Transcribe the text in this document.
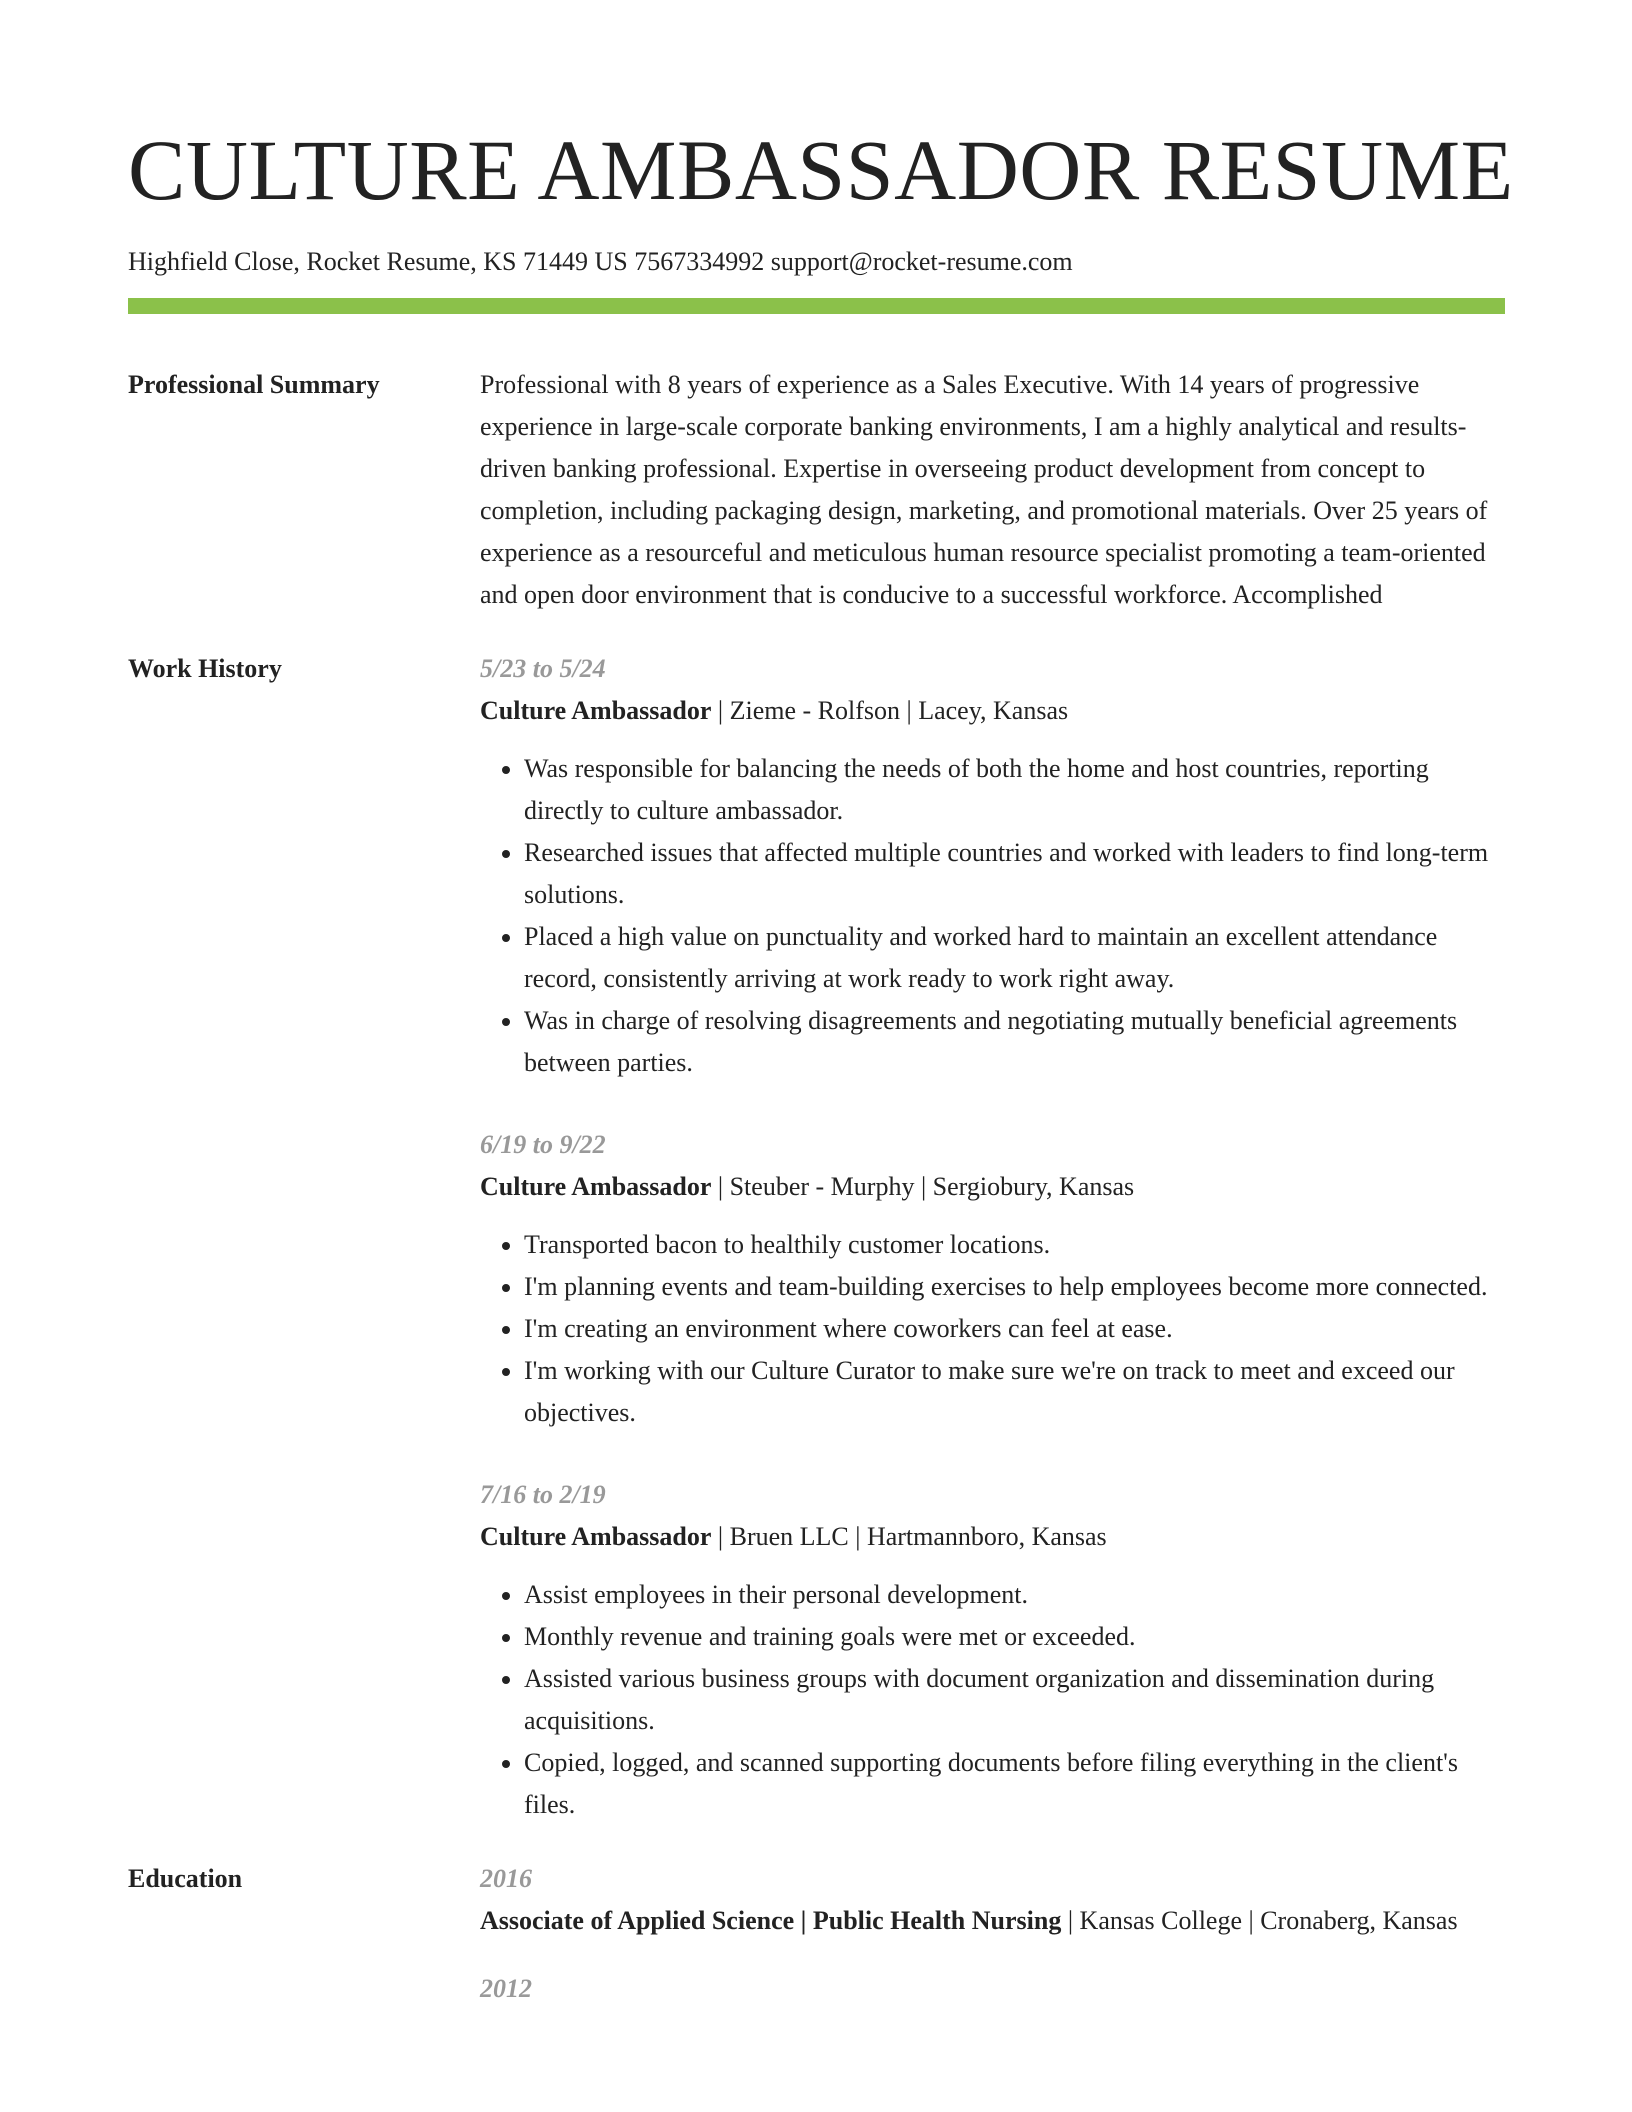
CULTURE AMBASSADOR RESUME
Highfield Close, Rocket Resume, KS 71449 US 7567334992 support@rocket-resume.com
Professional Summary	Professional with 8 years of experience as a Sales Executive. With 14 years of progressive experience in large-scale corporate banking environments, I am a highly analytical and results-driven banking professional. Expertise in overseeing product development from concept to completion, including packaging design, marketing, and promotional materials. Over 25 years of experience as a resourceful and meticulous human resource specialist promoting a team-oriented and open door environment that is conducive to a successful workforce. Accomplished
Work History	5/23 to 5/24
Culture Ambassador | Zieme - Rolfson | Lacey, Kansas
• Was responsible for balancing the needs of both the home and host countries, reporting directly to culture ambassador.
• Researched issues that affected multiple countries and worked with leaders to find long-term solutions.
• Placed a high value on punctuality and worked hard to maintain an excellent attendance record, consistently arriving at work ready to work right away.
• Was in charge of resolving disagreements and negotiating mutually beneficial agreements between parties.
6/19 to 9/22
Culture Ambassador | Steuber - Murphy | Sergiobury, Kansas
• Transported bacon to healthily customer locations.
• I'm planning events and team-building exercises to help employees become more connected.
• I'm creating an environment where coworkers can feel at ease.
• I'm working with our Culture Curator to make sure we're on track to meet and exceed our objectives.
7/16 to 2/19
Culture Ambassador | Bruen LLC | Hartmannboro, Kansas
• Assist employees in their personal development.
• Monthly revenue and training goals were met or exceeded.
• Assisted various business groups with document organization and dissemination during acquisitions.
• Copied, logged, and scanned supporting documents before filing everything in the client's files.
Education	2016
Associate of Applied Science | Public Health Nursing | Kansas College | Cronaberg, Kansas
2012
